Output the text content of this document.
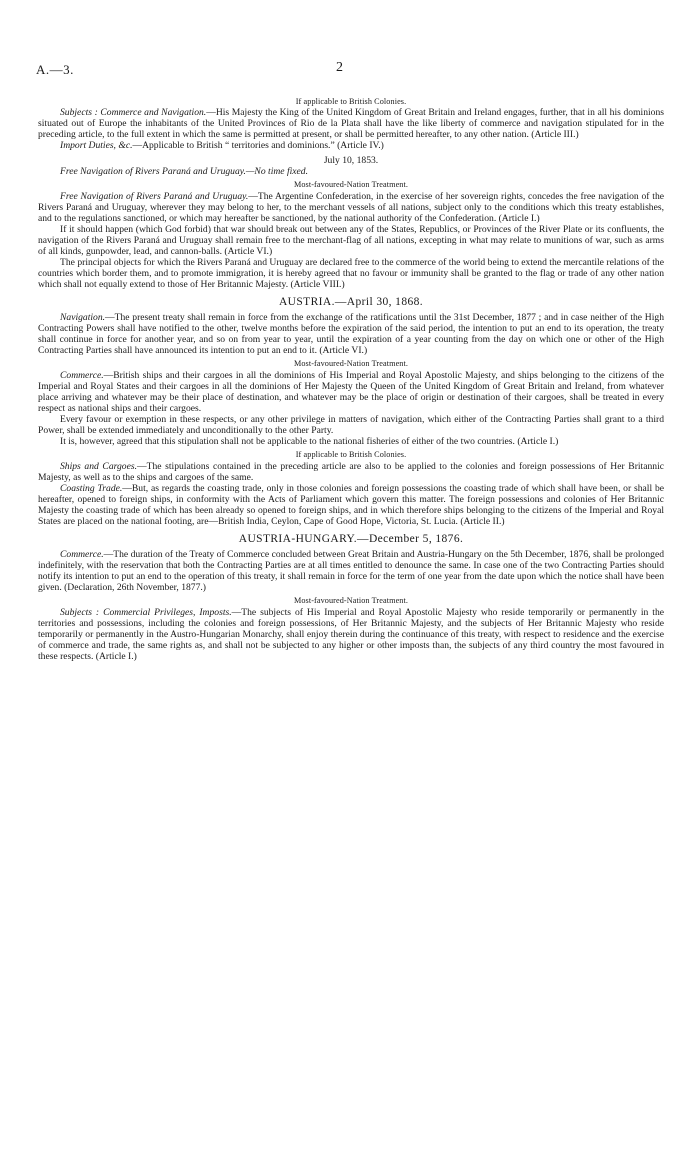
A.—3.	2
If applicable to British Colonies.

Subjects : Commerce and Navigation.—His Majesty the King of the United Kingdom of Great Britain and Ireland engages, further, that in all his dominions situated out of Europe the inhabitants of the United Provinces of Rio de la Plata shall have the like liberty of commerce and navigation stipulated for in the preceding article, to the full extent in which the same is permitted at present, or shall be permitted hereafter, to any other nation. (Article III.)

Import Duties, &c.—Applicable to British “ territories and dominions.” (Article IV.)

July 10, 1853.

Free Navigation of Rivers Paraná and Uruguay.—No time fixed.

Most-favoured-Nation Treatment.

Free Navigation of Rivers Paraná and Uruguay.—The Argentine Confederation, in the exercise of her sovereign rights, concedes the free navigation of the Rivers Paraná and Uruguay, wherever they may belong to her, to the merchant vessels of all nations, subject only to the conditions which this treaty establishes, and to the regulations sanctioned, or which may hereafter be sanctioned, by the national authority of the Confederation. (Article I.)

If it should happen (which God forbid) that war should break out between any of the States, Republics, or Provinces of the River Plate or its confluents, the navigation of the Rivers Paraná and Uruguay shall remain free to the merchant-flag of all nations, excepting in what may relate to munitions of war, such as arms of all kinds, gunpowder, lead, and cannon-balls. (Article VI.)

The principal objects for which the Rivers Paraná and Uruguay are declared free to the commerce of the world being to extend the mercantile relations of the countries which border them, and to promote immigration, it is hereby agreed that no favour or immunity shall be granted to the flag or trade of any other nation which shall not equally extend to those of Her Britannic Majesty. (Article VIII.)

AUSTRIA.—April 30, 1868.

Navigation.—The present treaty shall remain in force from the exchange of the ratifications until the 31st December, 1877 ; and in case neither of the High Contracting Powers shall have notified to the other, twelve months before the expiration of the said period, the intention to put an end to its operation, the treaty shall continue in force for another year, and so on from year to year, until the expiration of a year counting from the day on which one or other of the High Contracting Parties shall have announced its intention to put an end to it. (Article VI.)

Most-favoured-Nation Treatment.

Commerce.—British ships and their cargoes in all the dominions of His Imperial and Royal Apostolic Majesty, and ships belonging to the citizens of the Imperial and Royal States and their cargoes in all the dominions of Her Majesty the Queen of the United Kingdom of Great Britain and Ireland, from whatever place arriving and whatever may be their place of destination, and whatever may be the place of origin or destination of their cargoes, shall be treated in every respect as national ships and their cargoes.

Every favour or exemption in these respects, or any other privilege in matters of navigation, which either of the Contracting Parties shall grant to a third Power, shall be extended immediately and unconditionally to the other Party.

It is, however, agreed that this stipulation shall not be applicable to the national fisheries of either of the two countries. (Article I.)

If applicable to British Colonies.

Ships and Cargoes.—The stipulations contained in the preceding article are also to be applied to the colonies and foreign possessions of Her Britannic Majesty, as well as to the ships and cargoes of the same.

Coasting Trade.—But, as regards the coasting trade, only in those colonies and foreign possessions the coasting trade of which shall have been, or shall be hereafter, opened to foreign ships, in conformity with the Acts of Parliament which govern this matter. The foreign possessions and colonies of Her Britannic Majesty the coasting trade of which has been already so opened to foreign ships, and in which therefore ships belonging to the citizens of the Imperial and Royal States are placed on the national footing, are—British India, Ceylon, Cape of Good Hope, Victoria, St. Lucia. (Article II.)

AUSTRIA-HUNGARY.—December 5, 1876.

Commerce.—The duration of the Treaty of Commerce concluded between Great Britain and Austria-Hungary on the 5th December, 1876, shall be prolonged indefinitely, with the reservation that both the Contracting Parties are at all times entitled to denounce the same. In case one of the two Contracting Parties should notify its intention to put an end to the operation of this treaty, it shall remain in force for the term of one year from the date upon which the notice shall have been given. (Declaration, 26th November, 1877.)

Most-favoured-Nation Treatment.

Subjects : Commercial Privileges, Imposts.—The subjects of His Imperial and Royal Apostolic Majesty who reside temporarily or permanently in the territories and possessions, including the colonies and foreign possessions, of Her Britannic Majesty, and the subjects of Her Britannic Majesty who reside temporarily or permanently in the Austro-Hungarian Monarchy, shall enjoy therein during the continuance of this treaty, with respect to residence and the exercise of commerce and trade, the same rights as, and shall not be subjected to any higher or other imposts than, the subjects of any third country the most favoured in these respects. (Article I.)
